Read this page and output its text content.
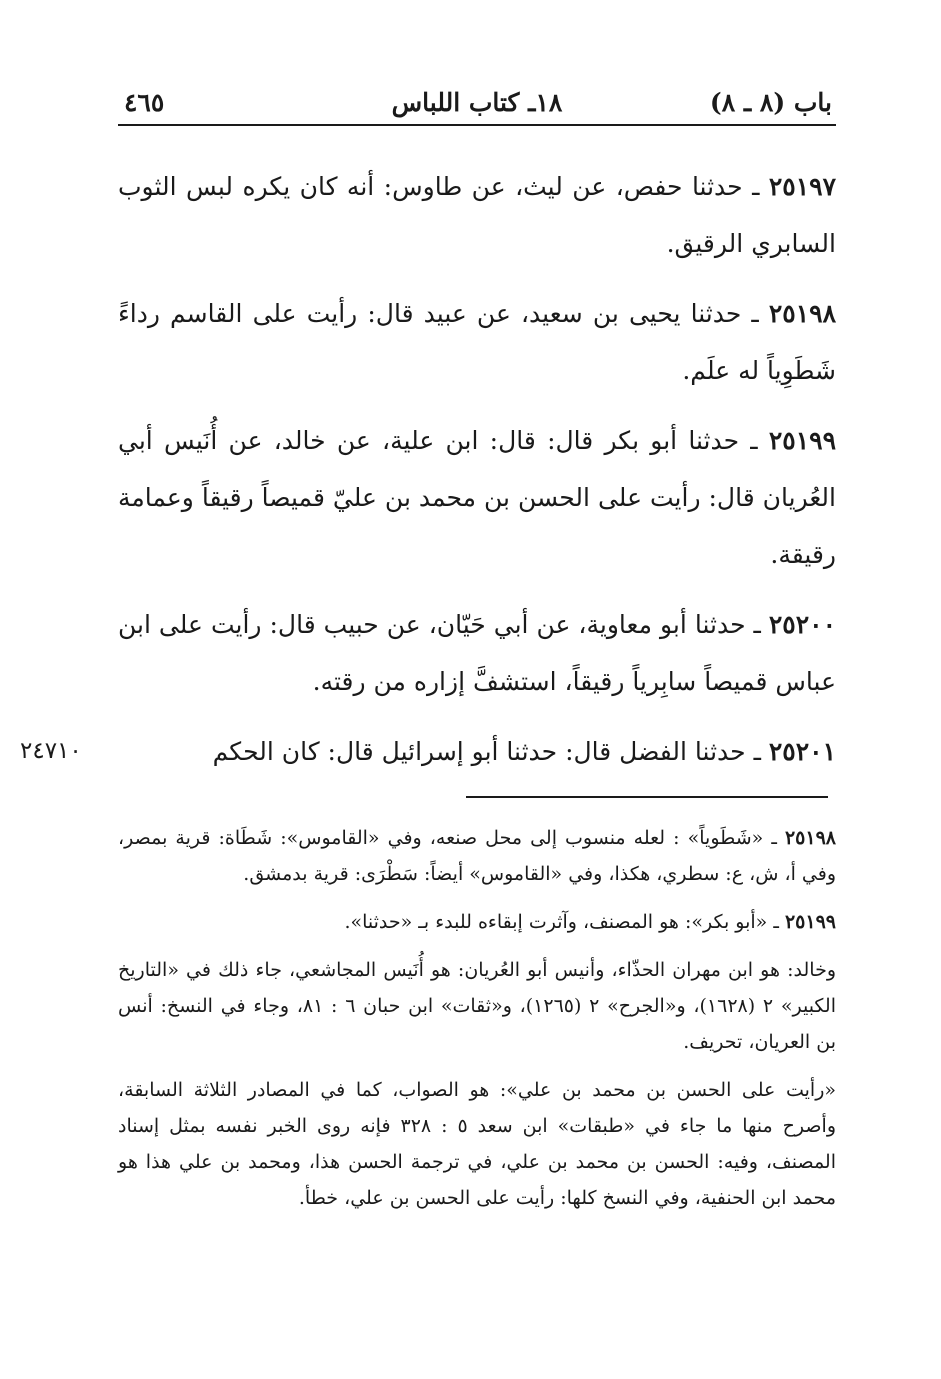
باب (٨ ـ ٨)
١٨ـ كتاب اللباس
٤٦٥

٢٥١٩٧ ـ حدثنا حفص، عن ليث، عن طاوس: أنه كان يكره لبس الثوب السابري الرقيق.

٢٥١٩٨ ـ حدثنا يحيى بن سعيد، عن عبيد قال: رأيت على القاسم رداءً شَطَوِياً له علَم.

٢٥١٩٩ ـ حدثنا أبو بكر قال: قال: ابن علية، عن خالد، عن أُنَيس أبي العُريان قال: رأيت على الحسن بن محمد بن عليّ قميصاً رقيقاً وعمامة رقيقة.

٢٥٢٠٠ ـ حدثنا أبو معاوية، عن أبي حَيّان، عن حبيب قال: رأيت على ابن عباس قميصاً سابِرياً رقيقاً، استشفَّ إزاره من رقته.

٢٤٧١٠	٢٥٢٠١ ـ حدثنا الفضل قال: حدثنا أبو إسرائيل قال: كان الحكم

٢٥١٩٨ ـ «شَطَوياً» : لعله منسوب إلى محل صنعه، وفي «القاموس»: شَطَاة: قرية بمصر، وفي أ، ش، ع: سطري، هكذا، وفي «القاموس» أيضاً: سَطْرَى: قرية بدمشق.

٢٥١٩٩ ـ «أبو بكر»: هو المصنف، وآثرت إبقاءه للبدء بـ «حدثنا».

وخالد: هو ابن مهران الحذّاء، وأنيس أبو العُريان: هو أُنَيس المجاشعي، جاء ذلك في «التاريخ الكبير» ٢ (١٦٢٨)، و«الجرح» ٢ (١٢٦٥)، و«ثقات» ابن حبان ٦ : ٨١، وجاء في النسخ: أنس بن العريان، تحريف.

«رأيت على الحسن بن محمد بن علي»: هو الصواب، كما في المصادر الثلاثة السابقة، وأصرح منها ما جاء في «طبقات» ابن سعد ٥ : ٣٢٨ فإنه روى الخبر نفسه بمثل إسناد المصنف، وفيه: الحسن بن محمد بن علي، في ترجمة الحسن هذا، ومحمد بن علي هذا هو محمد ابن الحنفية، وفي النسخ كلها: رأيت على الحسن بن علي، خطأ.
